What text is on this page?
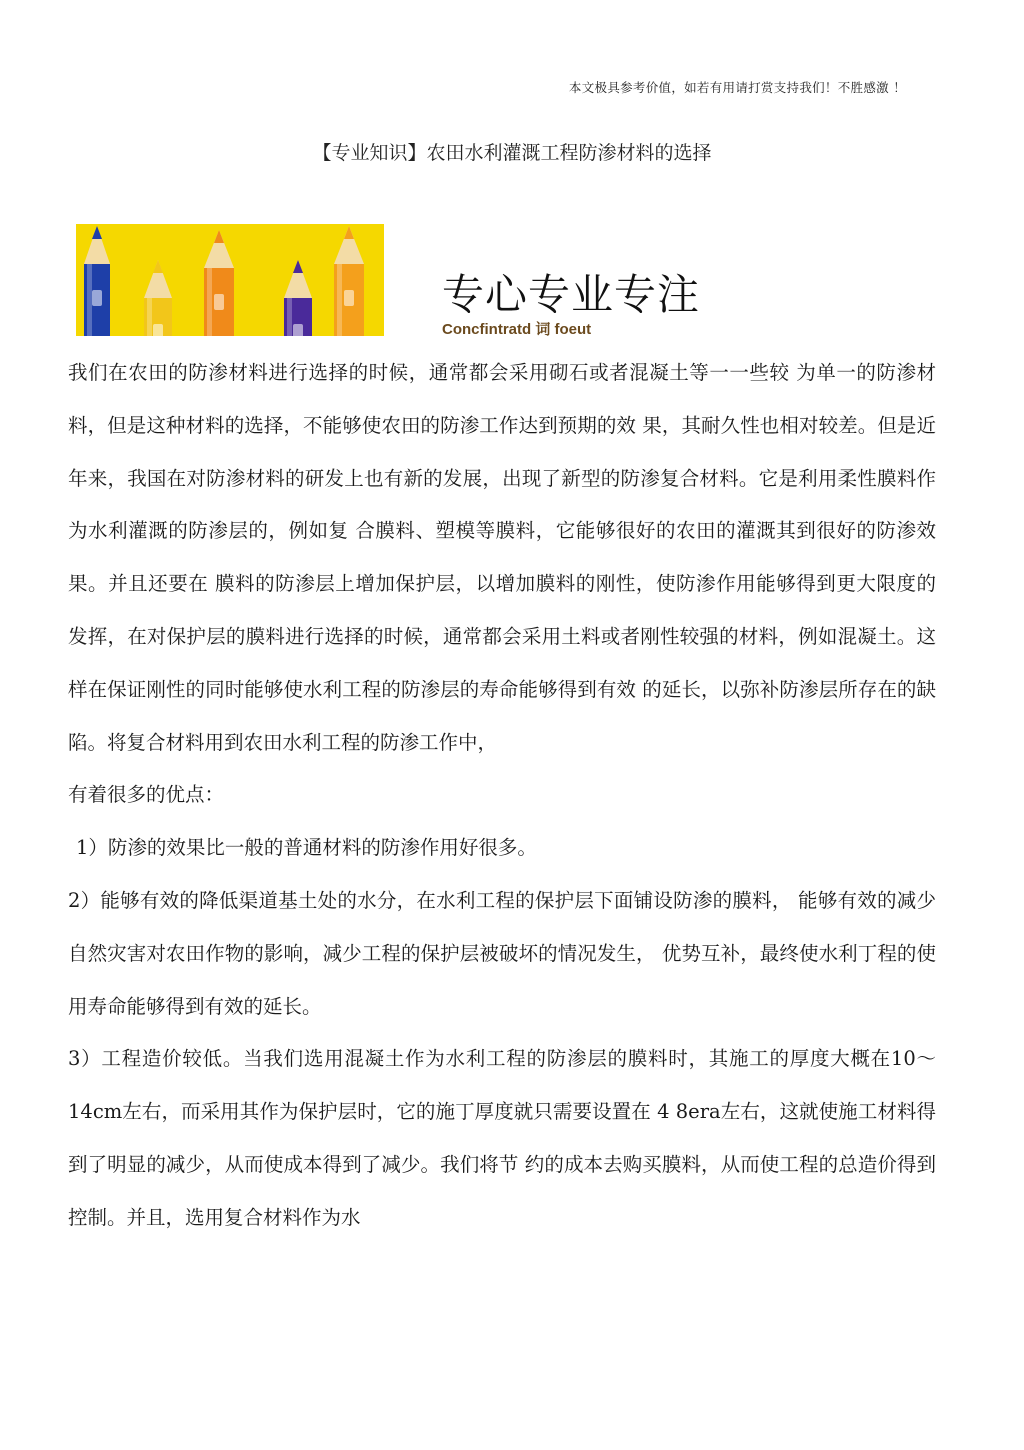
本文极具参考价值，如若有用请打赏支持我们！不胜感激 ！
【专业知识】农田水利灌溉工程防渗材料的选择
专心专业专注
Concfintratd 词 foeut

我们在农田的防渗材料进行选择的时候，通常都会采用砌石或者混凝土等一一些较 为单一的防渗材料，但是这种材料的选择，不能够使农田的防渗工作达到预期的效 果，其耐久性也相对较差。但是近年来，我国在对防渗材料的研发上也有新的发展，出现了新型的防渗复合材料。它是利用柔性膜料作为水利灌溉的防渗层的，例如复 合膜料、塑模等膜料，它能够很好的农田的灌溉其到很好的防渗效果。并且还要在 膜料的防渗层上增加保护层，以增加膜料的刚性，使防渗作用能够得到更大限度的 发挥，在对保护层的膜料进行选择的时候，通常都会采用土料或者刚性较强的材料，例如混凝土。这样在保证刚性的同时能够使水利工程的防渗层的寿命能够得到有效 的延长，以弥补防渗层所存在的缺陷。将复合材料用到农田水利工程的防渗工作中，

有着很多的优点：

1）防渗的效果比一般的普通材料的防渗作用好很多。

2）能够有效的降低渠道基土处的水分，在水利工程的保护层下面铺设防渗的膜料， 能够有效的减少自然灾害对农田作物的影响，减少工程的保护层被破坏的情况发生， 优势互补，最终使水利丁程的使用寿命能够得到有效的延长。

3）工程造价较低。当我们选用混凝土作为水利工程的防渗层的膜料时，其施工的厚度大概在10～14cm左右，而采用其作为保护层时，它的施丁厚度就只需要设置在 4 8era左右，这就使施工材料得到了明显的减少，从而使成本得到了减少。我们将节 约的成本去购买膜料，从而使工程的总造价得到控制。并且，选用复合材料作为水
